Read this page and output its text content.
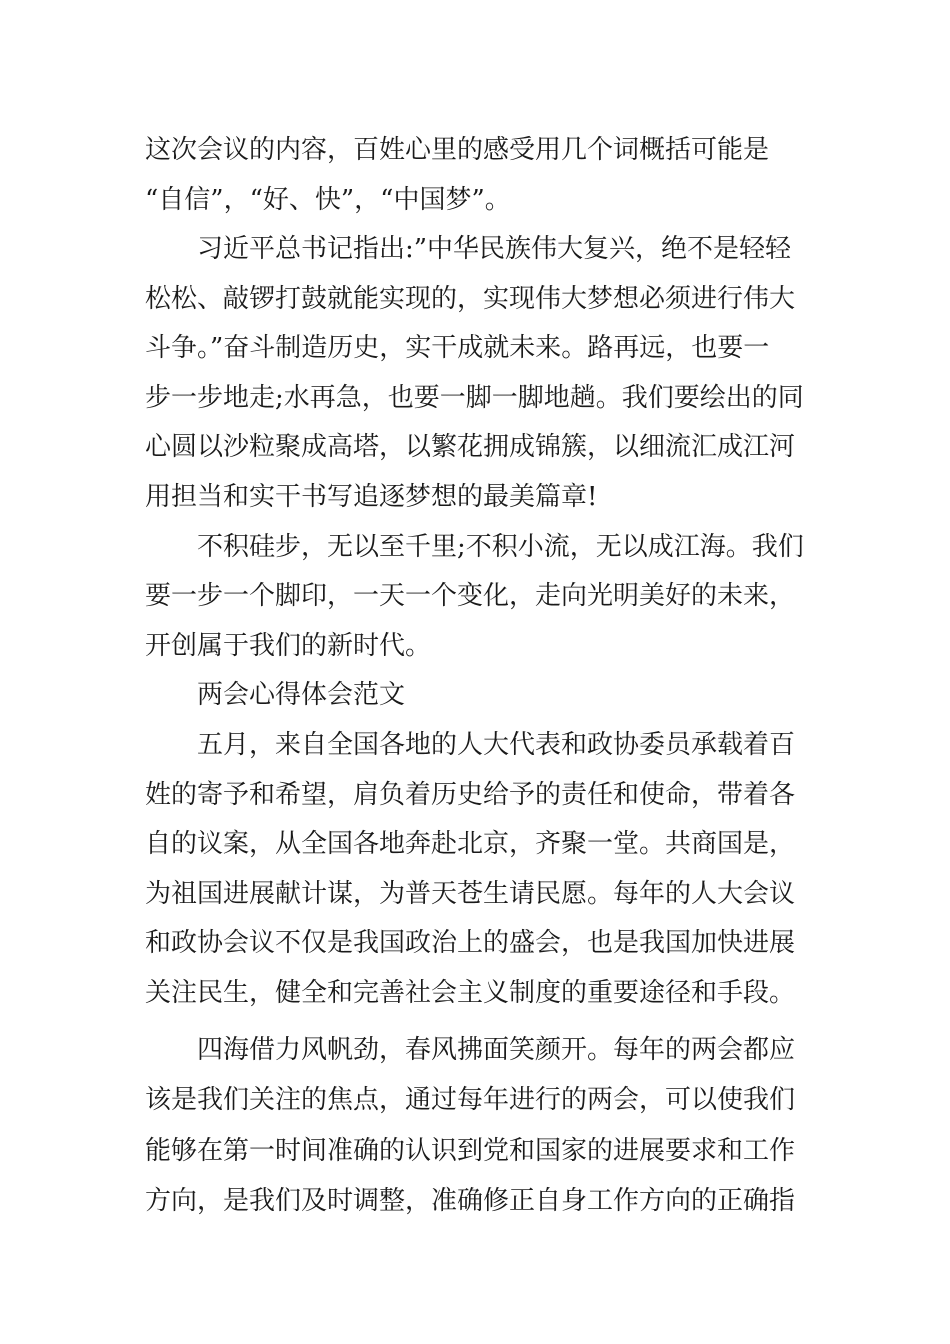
这次会议的内容，百姓心里的感受用几个词概括可能是

“自信”，“好、快”，“中国梦”。

习近平总书记指出:”中华民族伟大复兴，绝不是轻轻

松松、敲锣打鼓就能实现的，实现伟大梦想必须进行伟大

斗争。”奋斗制造历史，实干成就未来。路再远，也要一

步一步地走;水再急，也要一脚一脚地趟。我们要绘出的同

心圆以沙粒聚成高塔，以繁花拥成锦簇，以细流汇成江河

用担当和实干书写追逐梦想的最美篇章!

不积硅步，无以至千里;不积小流，无以成江海。我们

要一步一个脚印，一天一个变化，走向光明美好的未来，

开创属于我们的新时代。

两会心得体会范文

五月，来自全国各地的人大代表和政协委员承载着百

姓的寄予和希望，肩负着历史给予的责任和使命，带着各

自的议案，从全国各地奔赴北京，齐聚一堂。共商国是，

为祖国进展献计谋，为普天苍生请民愿。每年的人大会议

和政协会议不仅是我国政治上的盛会，也是我国加快进展

关注民生，健全和完善社会主义制度的重要途径和手段。

四海借力风帆劲，春风拂面笑颜开。每年的两会都应

该是我们关注的焦点，通过每年进行的两会，可以使我们

能够在第一时间准确的认识到党和国家的进展要求和工作

方向，是我们及时调整，准确修正自身工作方向的正确指
